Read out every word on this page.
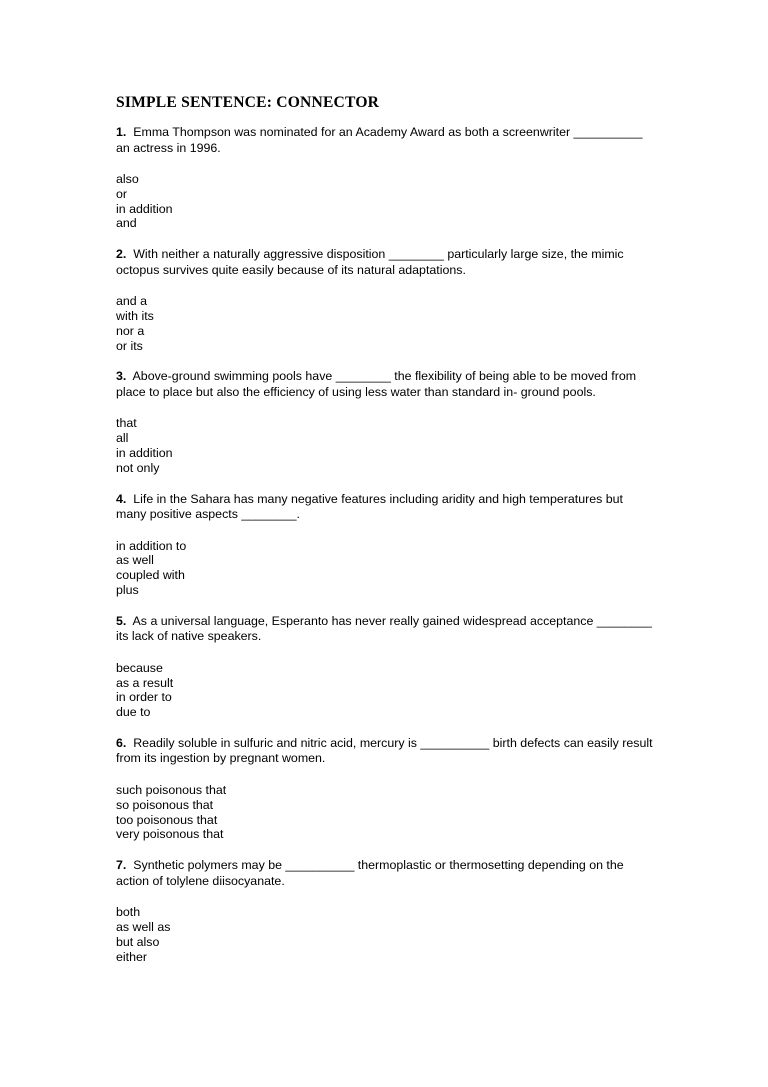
SIMPLE SENTENCE: CONNECTOR

1. Emma Thompson was nominated for an Academy Award as both a screenwriter __________ an actress in 1996.

also
or
in addition
and

2. With neither a naturally aggressive disposition ________ particularly large size, the mimic octopus survives quite easily because of its natural adaptations.

and a
with its
nor a
or its

3. Above-ground swimming pools have ________ the flexibility of being able to be moved from place to place but also the efficiency of using less water than standard in- ground pools.

that
all
in addition
not only

4. Life in the Sahara has many negative features including aridity and high temperatures but many positive aspects ________.

in addition to
as well
coupled with
plus

5. As a universal language, Esperanto has never really gained widespread acceptance ________ its lack of native speakers.

because
as a result
in order to
due to

6. Readily soluble in sulfuric and nitric acid, mercury is __________ birth defects can easily result from its ingestion by pregnant women.

such poisonous that
so poisonous that
too poisonous that
very poisonous that

7. Synthetic polymers may be __________ thermoplastic or thermosetting depending on the action of tolylene diisocyanate.

both
as well as
but also
either
